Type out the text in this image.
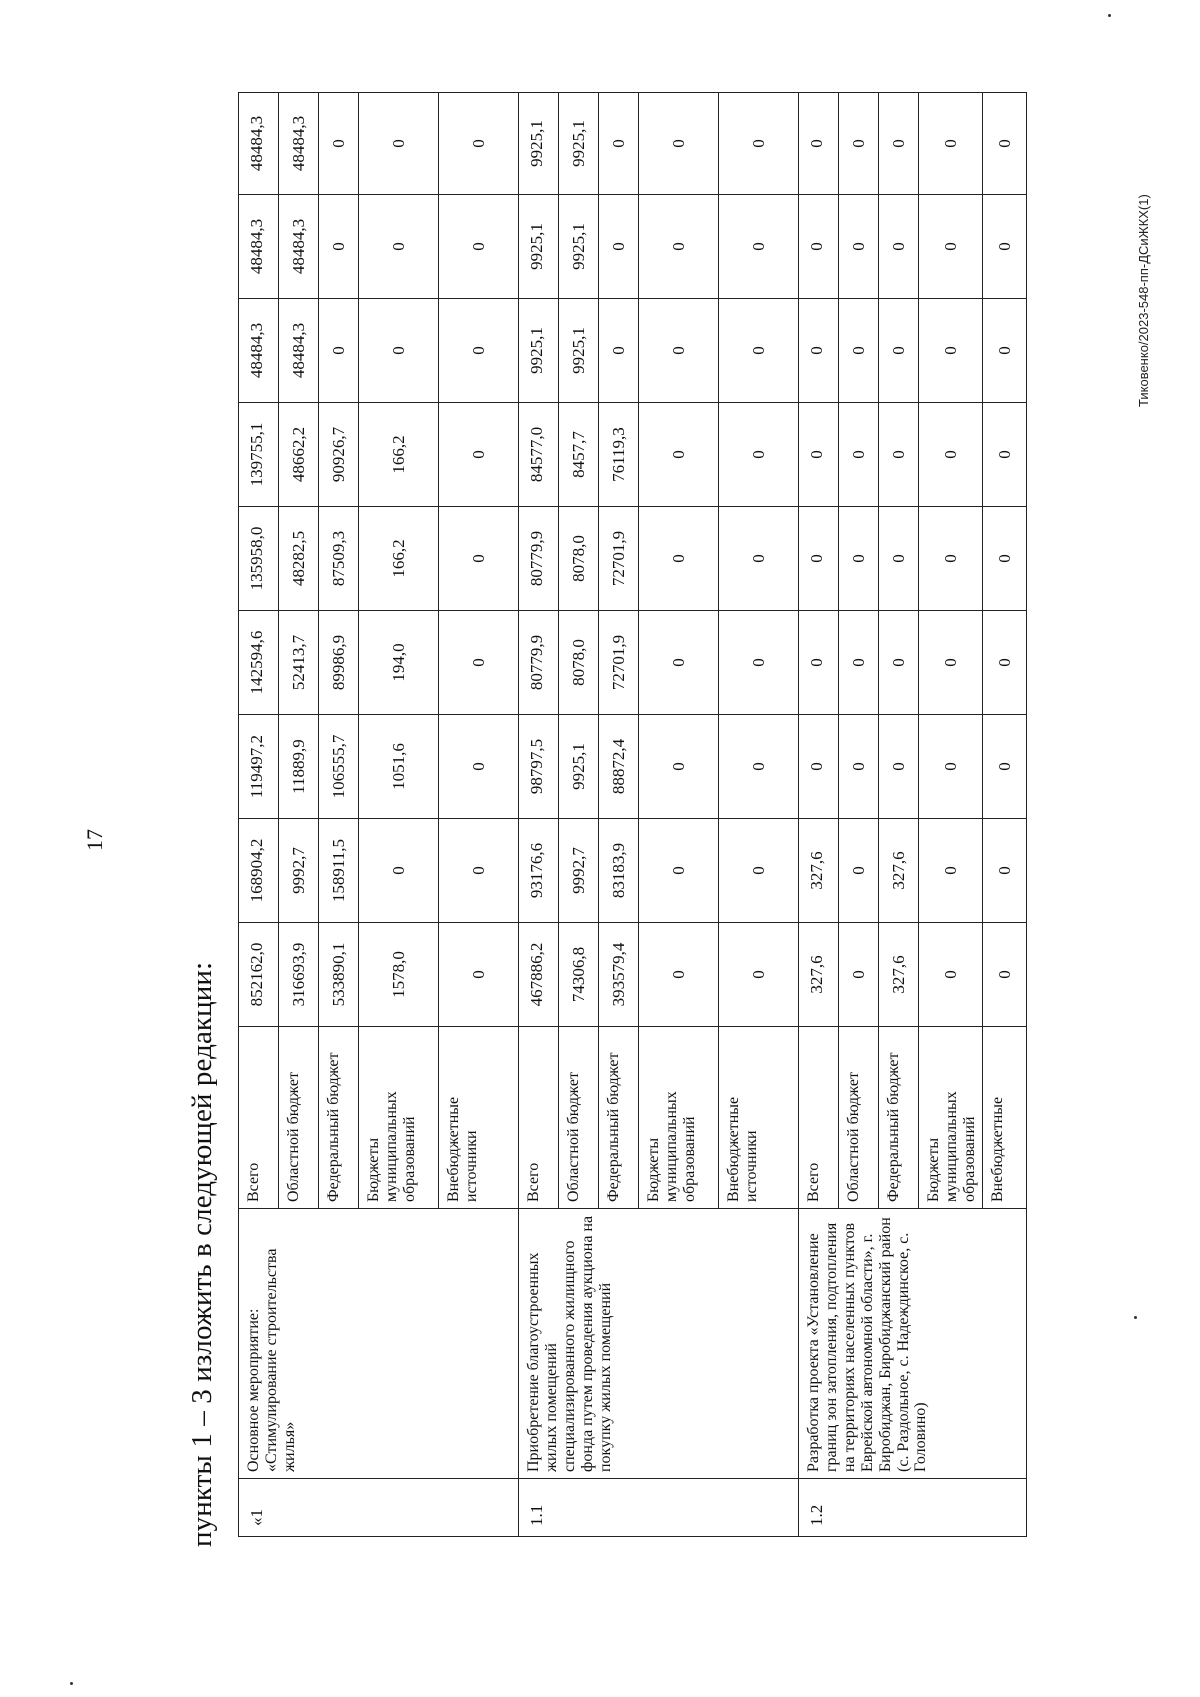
17
пункты 1 – 3 изложить в следующей редакции: «1	Основное мероприятие: «Стимулирование строительства жилья»	Всего	852162,0	168904,2	119497,2	142594,6	135958,0	139755,1	48484,3	48484,3	48484,3
		Областной бюджет	316693,9	9992,7	11889,9	52413,7	48282,5	48662,2	48484,3	48484,3	48484,3
		Федеральный бюджет	533890,1	158911,5	106555,7	89986,9	87509,3	90926,7	0	0	0
		Бюджеты муниципальных образований	1578,0	0	1051,6	194,0	166,2	166,2	0	0	0
		Внебюджетные источники	0	0	0	0	0	0	0	0	0
1.1	Приобретение благоустроенных жилых помещений специализированного жилищного фонда путем проведения аукциона на покупку жилых помещений	Всего	467886,2	93176,6	98797,5	80779,9	80779,9	84577,0	9925,1	9925,1	9925,1
		Областной бюджет	74306,8	9992,7	9925,1	8078,0	8078,0	8457,7	9925,1	9925,1	9925,1
		Федеральный бюджет	393579,4	83183,9	88872,4	72701,9	72701,9	76119,3	0	0	0
		Бюджеты муниципальных образований	0	0	0	0	0	0	0	0	0
		Внебюджетные источники	0	0	0	0	0	0	0	0	0
1.2	Разработка проекта «Установление границ зон затопления, подтопления на территориях населенных пунктов Еврейской автономной области», г. Биробиджан, Биробиджанский район (с. Раздольное, с. Надеждинское, с. Головино)	Всего	327,6	327,6	0	0	0	0	0	0	0
		Областной бюджет	0	0	0	0	0	0	0	0	0
		Федеральный бюджет	327,6	327,6	0	0	0	0	0	0	0
		Бюджеты муниципальных образований	0	0	0	0	0	0	0	0	0
		Внебюджетные	0	0	0	0	0	0	0	0	0
Тиковенко/2023-548-пп-ДСиЖКХ(1)
